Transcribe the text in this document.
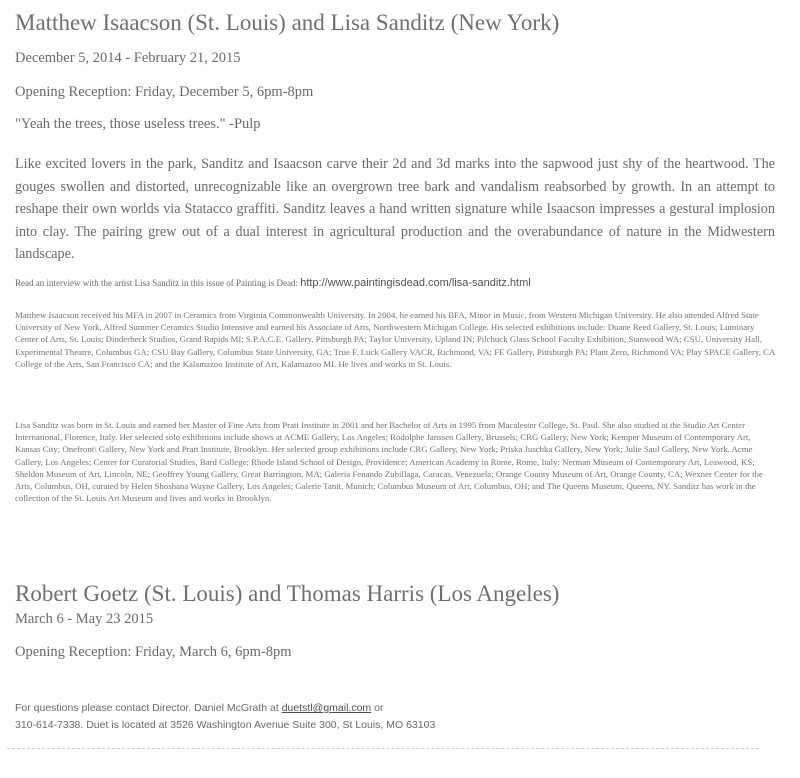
Matthew Isaacson (St. Louis) and Lisa Sanditz (New York)
December 5, 2014 - February 21, 2015
Opening Reception: Friday, December 5, 6pm-8pm
"Yeah the trees, those useless trees." -Pulp
Like excited lovers in the park, Sanditz and Isaacson carve their 2d and 3d marks into the sapwood just shy of the heartwood. The gouges swollen and distorted, unrecognizable like an overgrown tree bark and vandalism reabsorbed by growth. In an attempt to reshape their own worlds via Statacco graffiti. Sanditz leaves a hand written signature while Isaacson impresses a gestural implosion into clay. The pairing grew out of a dual interest in agricultural production and the overabundance of nature in the Midwestern landscape.
Read an interview with the artist Lisa Sanditz in this issue of Painting is Dead: http://www.paintingisdead.com/lisa-sanditz.html
Matthew Isaacson received his MFA in 2007 in Ceramics from Virginia Commonwealth University. In 2004, he earned his BFA, Minor in Music, from Western Michigan University. He also attended Alfred State University of New York, Alfred Summer Ceramics Studio Intensive and earned his Associate of Arts, Northwestern Michigan College. His selected exhibitions include: Duane Reed Gallery, St. Louis; Luminary Center of Arts, St. Louis; Dinderbeck Studios, Grand Rapids MI; S.P.A.C.E. Gallery, Pittsburgh PA; Taylor University, Upland IN; Pilchuck Glass School Faculty Exhibition, Stanwood WA; CSU, University Hall, Experimental Theatre, Columbus GA; CSU Bay Gallery, Columbus State University, GA; True F. Luck Gallery VACR, Richmond, VA; FE Gallery, Pittsburgh PA; Plant Zero, Richmond VA; Play SPACE Gallery, CA College of the Arts, San Francisco CA; and the Kalamazoo Institute of Art, Kalamazoo MI. He lives and works in St. Louis.
Lisa Sanditz was born in St. Louis and earned her Master of Fine Arts from Pratt Institute in 2001 and her Bachelor of Arts in 1995 from Macalester College, St. Paul. She also studied at the Studio Art Center International, Florence, Italy. Her selected solo exhibitions include shows at ACME Gallery, Los Angeles; Rodolphe Janssen Gallery, Brussels; CRG Gallery, New York; Kemper Museum of Contemporary Art, Kansas City; Onefront\ Gallery, New York and Pratt Institute, Brooklyn. Her selected group exhibitions include CRG Gallery, New York; Priska Juschka Gallery, New York; Julie Saul Gallery, New York. Acme Gallery, Los Angeles; Center for Curatorial Studies, Bard College; Rhode Island School of Design, Providence; American Academy in Rome, Rome, Italy; Nerman Museum of Contemporary Art, Leawood, KS; Sheldon Museum of Art, Lincoln, NE; Geoffrey Young Gallery, Great Barrington, MA; Galeria Fenando Zubillaga, Caracas, Venezuela; Orange County Museum of Art, Orange County, CA; Wexner Center for the Arts, Columbus, OH, curated by Helen Shoshana Wayne Gallery, Los Angeles; Galerie Tanit, Munich; Columbus Museum of Art, Columbus, OH; and The Queens Museum, Queens, NY. Sanditz has work in the collection of the St. Louis Art Museum and lives and works in Brooklyn.
Robert Goetz (St. Louis) and Thomas Harris (Los Angeles)
March 6 - May 23 2015
Opening Reception: Friday, March 6, 6pm-8pm
For questions please contact Director. Daniel McGrath at duetstl@gmail.com or
310-614-7338. Duet is located at 3526 Washington Avenue Suite 300, St Louis, MO 63103
